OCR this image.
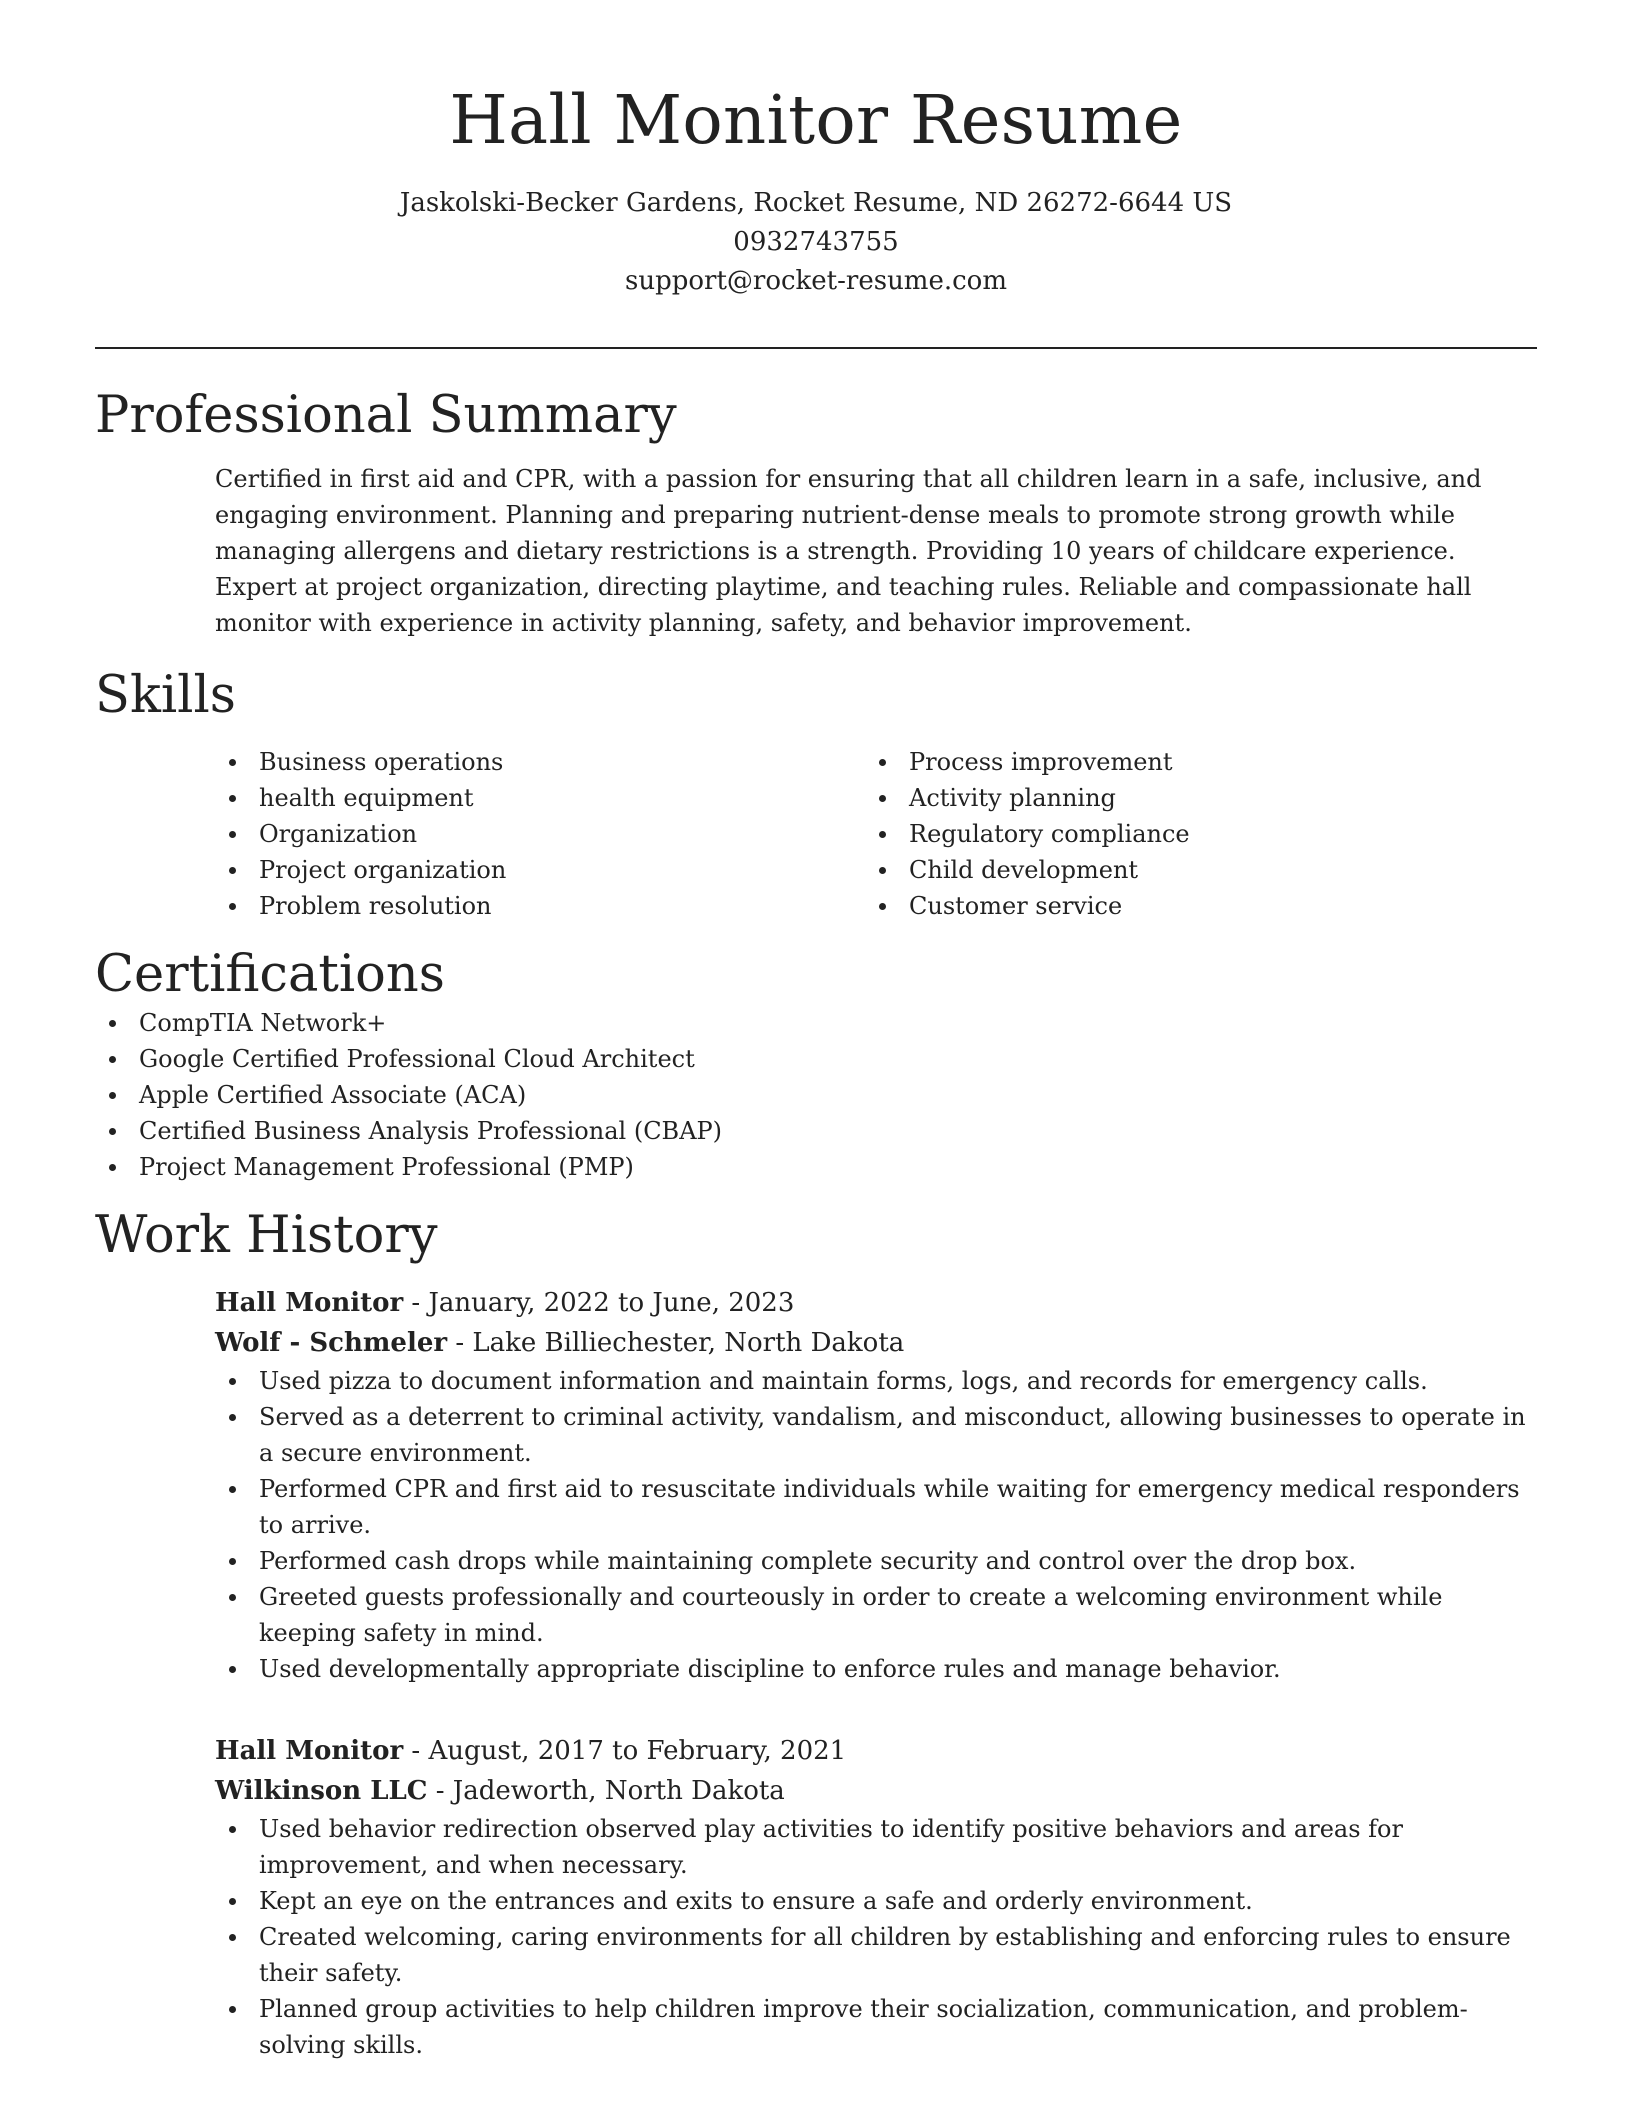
Hall Monitor Resume
Jaskolski-Becker Gardens, Rocket Resume, ND 26272-6644 US
0932743755
support@rocket-resume.com
Professional Summary

Certified in first aid and CPR, with a passion for ensuring that all children learn in a safe, inclusive, and engaging environment. Planning and preparing nutrient-dense meals to promote strong growth while managing allergens and dietary restrictions is a strength. Providing 10 years of childcare experience. Expert at project organization, directing playtime, and teaching rules. Reliable and compassionate hall monitor with experience in activity planning, safety, and behavior improvement.

Skills
Business operations
health equipment
Organization
Project organization
Problem resolution
Process improvement
Activity planning
Regulatory compliance
Child development
Customer service
Certifications
CompTIA Network+
Google Certified Professional Cloud Architect
Apple Certified Associate (ACA)
Certified Business Analysis Professional (CBAP)
Project Management Professional (PMP)
Work History
Hall Monitor - January, 2022 to June, 2023
Wolf - Schmeler - Lake Billiechester, North Dakota
Used pizza to document information and maintain forms, logs, and records for emergency calls.
Served as a deterrent to criminal activity, vandalism, and misconduct, allowing businesses to operate in a secure environment.
Performed CPR and first aid to resuscitate individuals while waiting for emergency medical responders to arrive.
Performed cash drops while maintaining complete security and control over the drop box.
Greeted guests professionally and courteously in order to create a welcoming environment while keeping safety in mind.
Used developmentally appropriate discipline to enforce rules and manage behavior.
Hall Monitor - August, 2017 to February, 2021
Wilkinson LLC - Jadeworth, North Dakota
Used behavior redirection observed play activities to identify positive behaviors and areas for improvement, and when necessary.
Kept an eye on the entrances and exits to ensure a safe and orderly environment.
Created welcoming, caring environments for all children by establishing and enforcing rules to ensure their safety.
Planned group activities to help children improve their socialization, communication, and problem-solving skills.
